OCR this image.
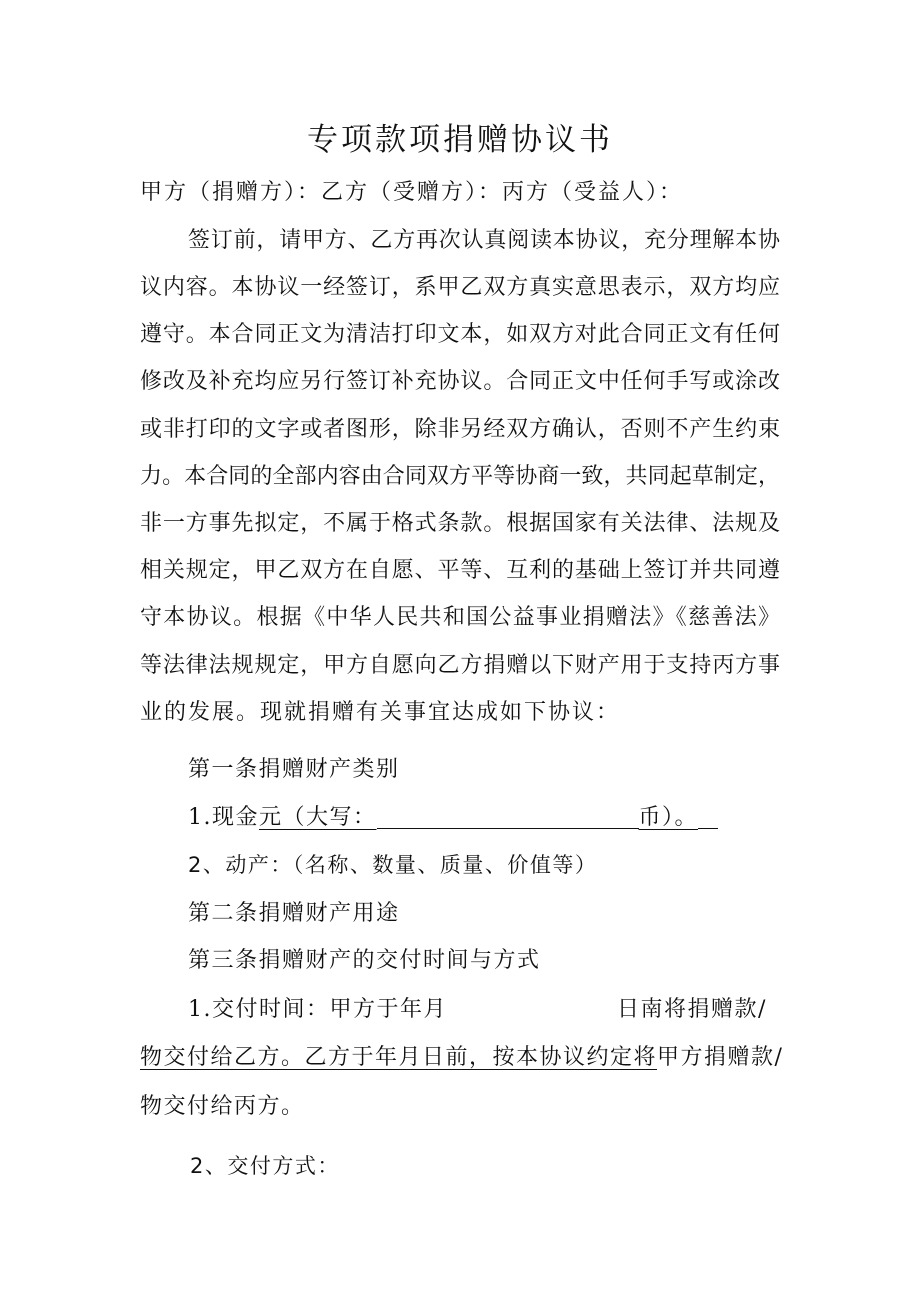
专项款项捐赠协议书
甲方（捐赠方）：乙方（受赠方）：丙方（受益人）：
签订前，请甲方、乙方再次认真阅读本协议，充分理解本协
议内容。本协议一经签订，系甲乙双方真实意思表示，双方均应
遵守。本合同正文为清洁打印文本，如双方对此合同正文有任何
修改及补充均应另行签订补充协议。合同正文中任何手写或涂改
或非打印的文字或者图形，除非另经双方确认，否则不产生约束
力。本合同的全部内容由合同双方平等协商一致，共同起草制定，
非一方事先拟定，不属于格式条款。根据国家有关法律、法规及
相关规定，甲乙双方在自愿、平等、互利的基础上签订并共同遵
守本协议。根据《中华人民共和国公益事业捐赠法》《慈善法》
等法律法规规定，甲方自愿向乙方捐赠以下财产用于支持丙方事
业的发展。现就捐赠有关事宜达成如下协议：
第一条捐赠财产类别
1.现金元（大写：	币）。
2、动产：（名称、数量、质量、价值等）
第二条捐赠财产用途
第三条捐赠财产的交付时间与方式
1.交付时间：甲方于年月	日南将捐赠款/
物交付给乙方。乙方于年月日前，按本协议约定将甲方捐赠款/
物交付给丙方。
2、交付方式：
